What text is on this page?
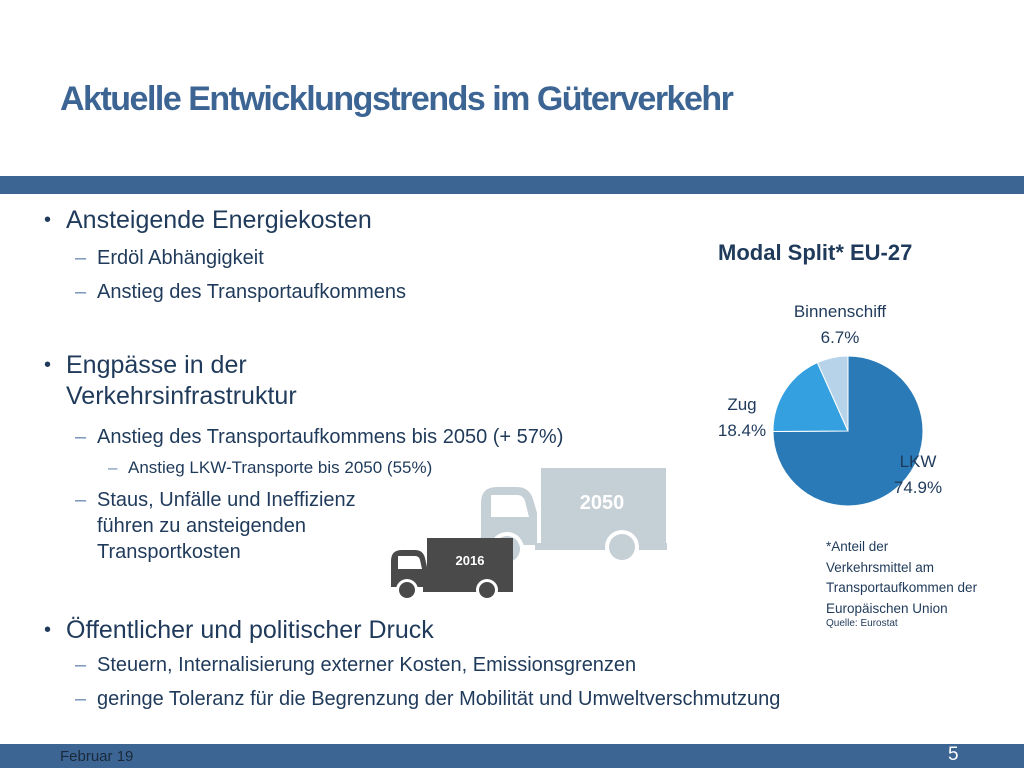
Aktuelle Entwicklungstrends im Güterverkehr
• Ansteigende Energiekosten
– Erdöl Abhängigkeit
– Anstieg des Transportaufkommens
• Engpässe in der
Verkehrsinfrastruktur
– Anstieg des Transportaufkommens bis 2050 (+ 57%)
– Anstieg LKW-Transporte bis 2050 (55%)
– Staus, Unfälle und Ineffizienz
führen zu ansteigenden
Transportkosten
• Öffentlicher und politischer Druck
– Steuern, Internalisierung externer Kosten, Emissionsgrenzen
– geringe Toleranz für die Begrenzung der Mobilität und Umweltverschmutzung
2050
2016
Modal Split* EU-27
LKW
74.9%
Zug
18.4%
Binnenschiff
6.7%
*Anteil der
Verkehrsmittel am
Transportaufkommen der
Europäischen Union
Quelle: Eurostat
Februar 19	5
